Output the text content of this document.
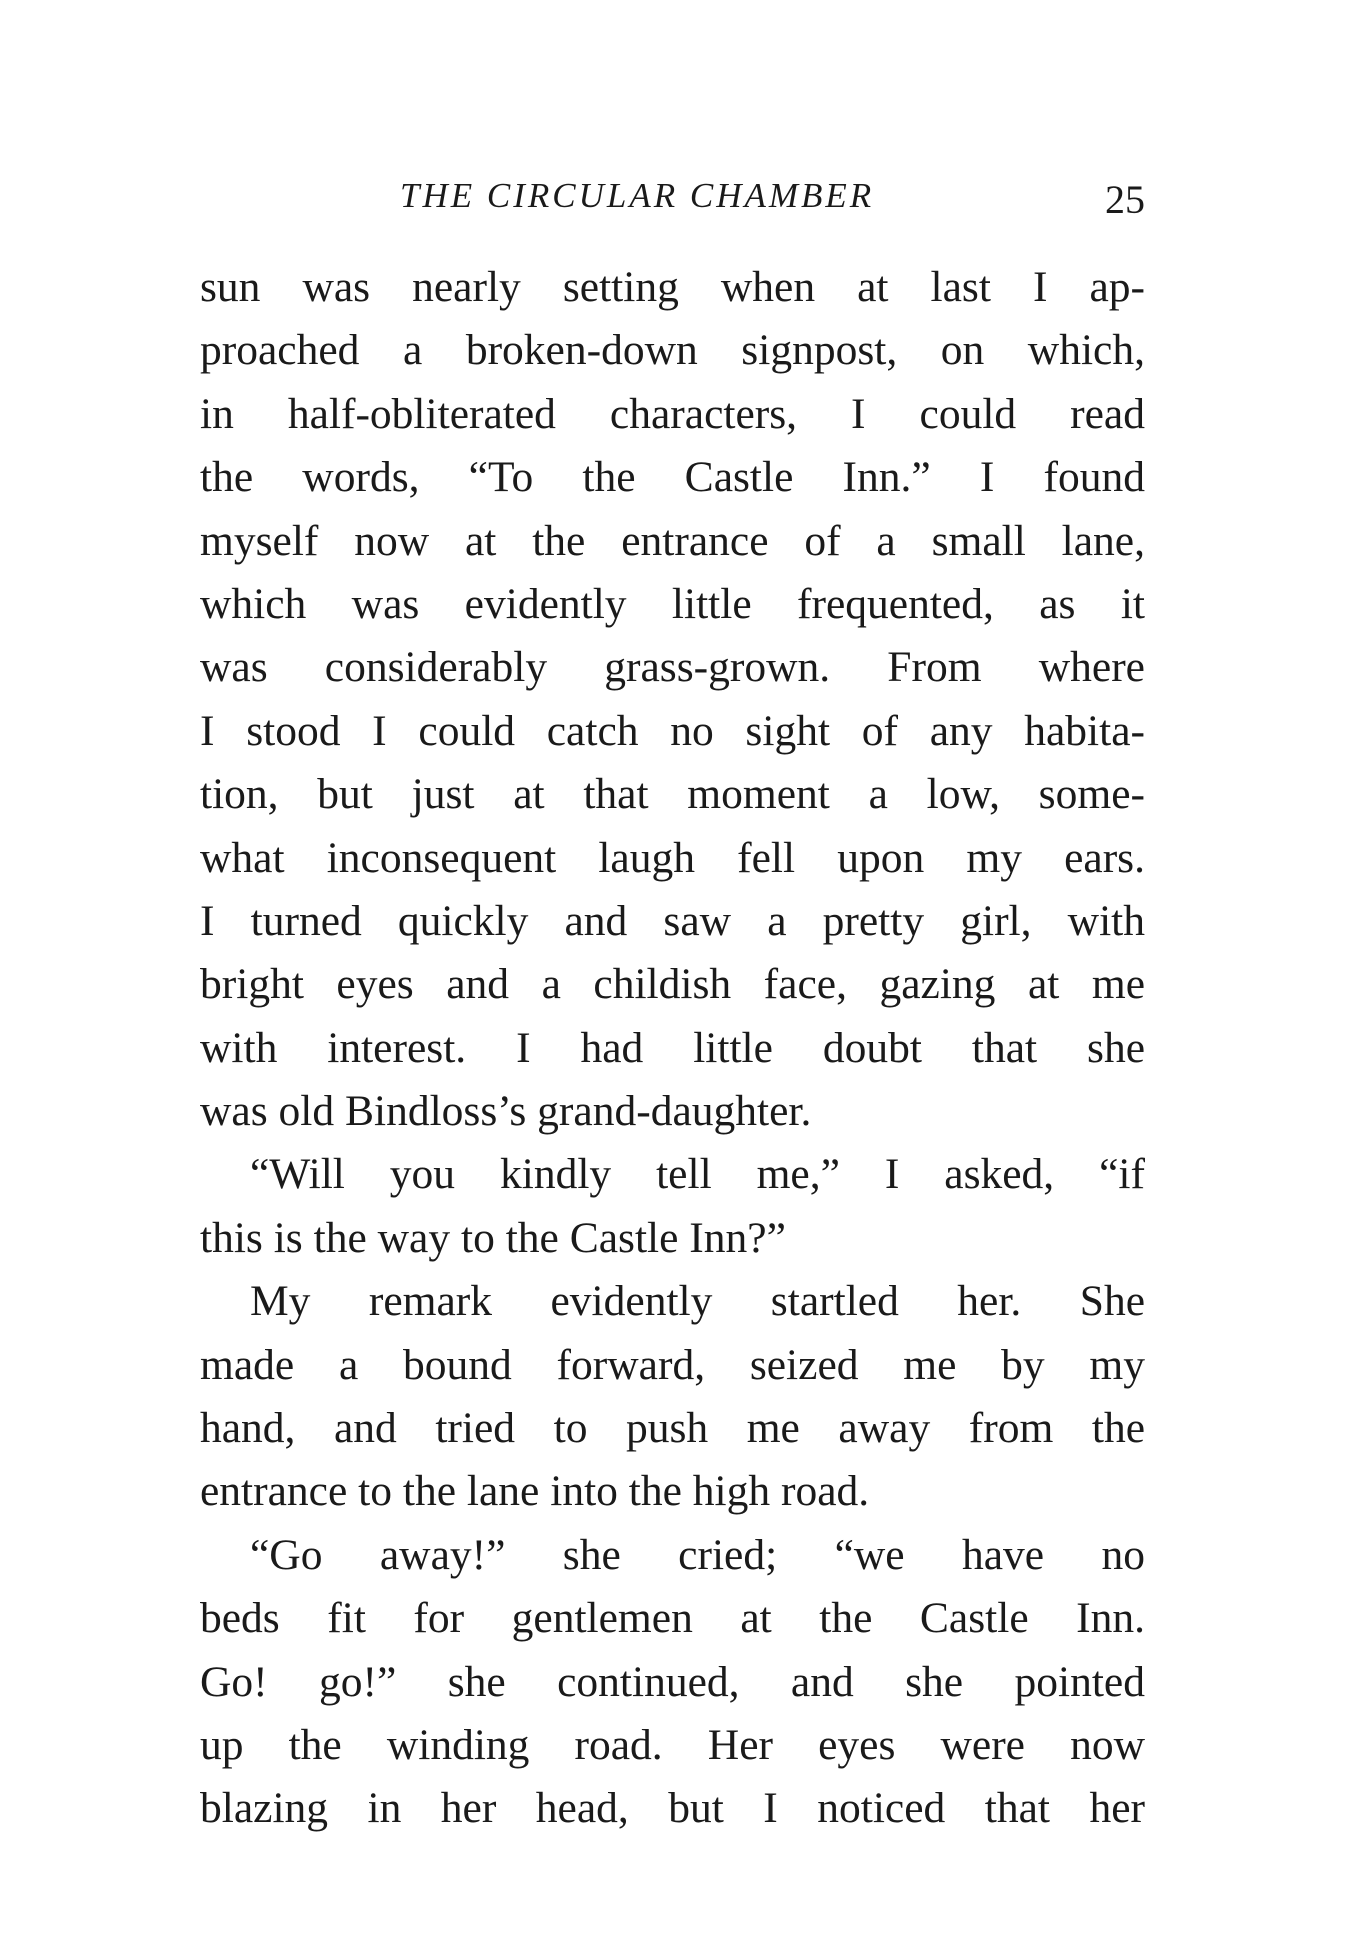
THE CIRCULAR CHAMBER	25
sun was nearly setting when at last I ap-
proached a broken-down signpost, on which,
in half-obliterated characters, I could read
the words, “To the Castle Inn.” I found
myself now at the entrance of a small lane,
which was evidently little frequented, as it
was considerably grass-grown. From where
I stood I could catch no sight of any habita-
tion, but just at that moment a low, some-
what inconsequent laugh fell upon my ears.
I turned quickly and saw a pretty girl, with
bright eyes and a childish face, gazing at me
with interest. I had little doubt that she
was old Bindloss’s grand-daughter.
“Will you kindly tell me,” I asked, “if
this is the way to the Castle Inn?”
My remark evidently startled her. She
made a bound forward, seized me by my
hand, and tried to push me away from the
entrance to the lane into the high road.
“Go away!” she cried; “we have no
beds fit for gentlemen at the Castle Inn.
Go! go!” she continued, and she pointed
up the winding road. Her eyes were now
blazing in her head, but I noticed that her
